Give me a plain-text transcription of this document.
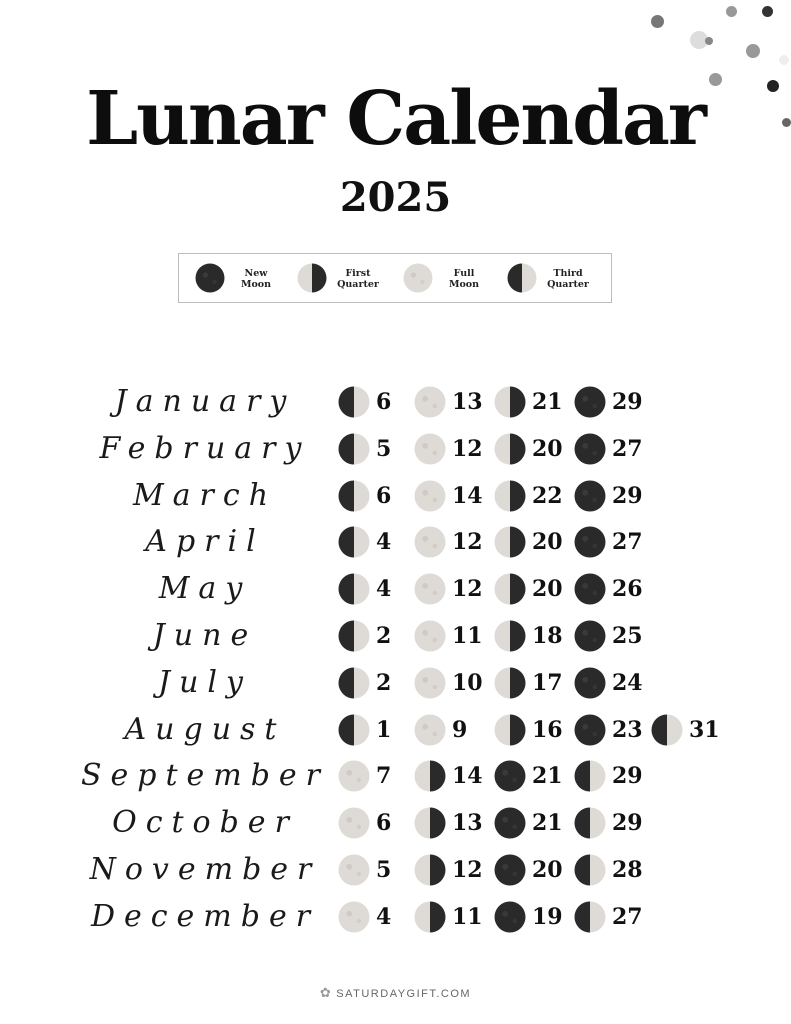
Lunar Calendar
2025
New
Moon
First
Quarter
Full
Moon
Third
Quarter
January	6	13	21	29
February	5	12	20	27
March	6	14	22	29
April	4	12	20	27
May	4	12	20	26
June	2	11	18	25
July	2	10	17	24
August	1	9	16	23	31
September	7	14	21	29
October	6	13	21	29
November	5	12	20	28
December	4	11	19	27
✿ SATURDAYGIFT.COM
